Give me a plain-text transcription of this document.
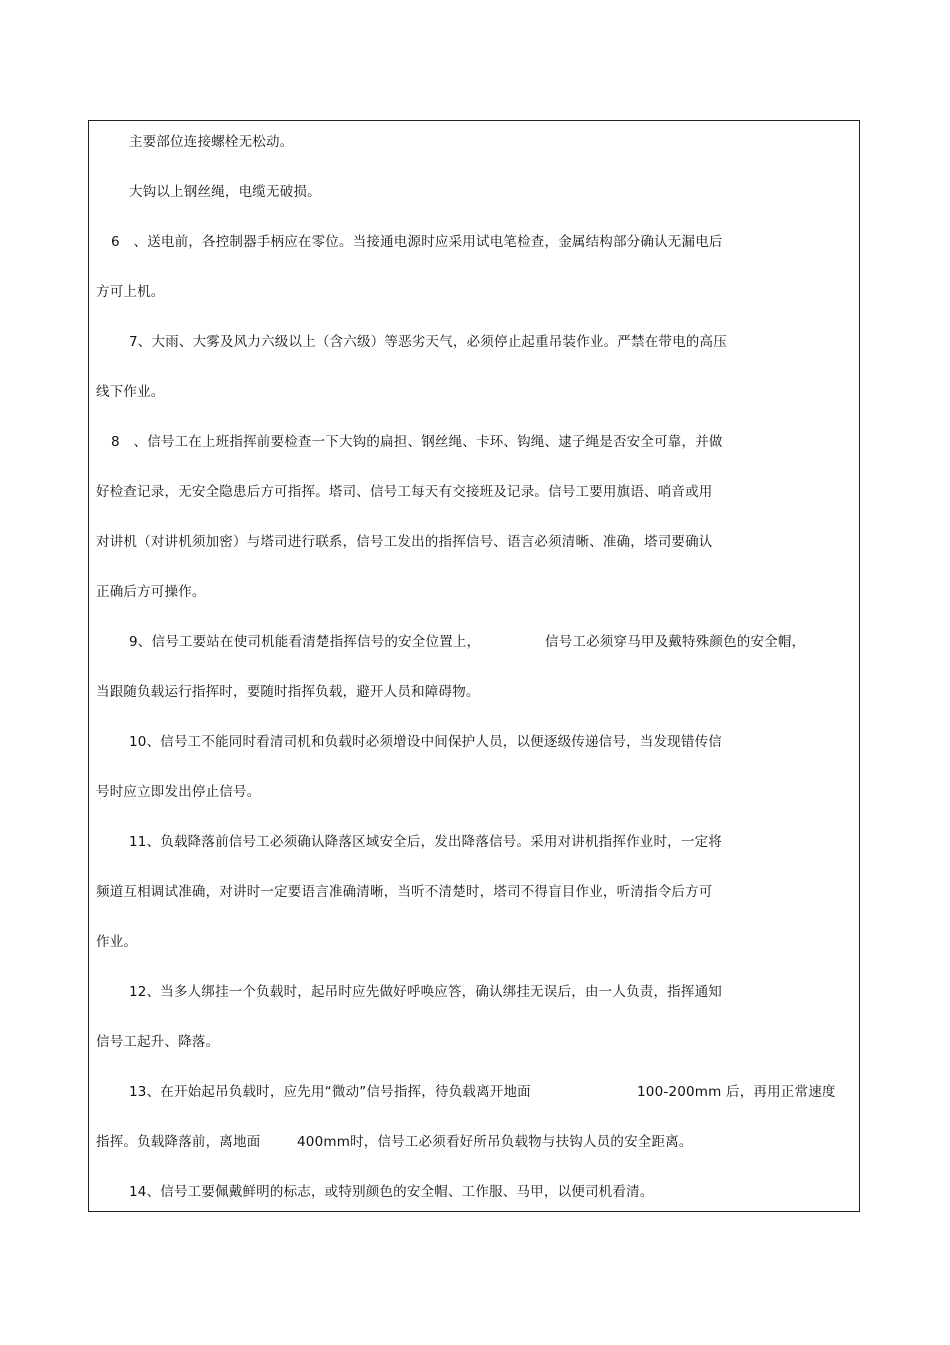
主要部位连接螺栓无松动。
大钩以上钢丝绳，电缆无破损。
6　、送电前，各控制器手柄应在零位。当接通电源时应采用试电笔检查，金属结构部分确认无漏电后
方可上机。
7、大雨、大雾及风力六级以上（含六级）等恶劣天气，必须停止起重吊装作业。严禁在带电的高压
线下作业。
8　、信号工在上班指挥前要检查一下大钩的扁担、钢丝绳、卡环、钩绳、逮子绳是否安全可靠，并做
好检查记录，无安全隐患后方可指挥。塔司、信号工每天有交接班及记录。信号工要用旗语、哨音或用
对讲机（对讲机须加密）与塔司进行联系，信号工发出的指挥信号、语言必须清晰、准确，塔司要确认
正确后方可操作。
9、信号工要站在使司机能看清楚指挥信号的安全位置上，	信号工必须穿马甲及戴特殊颜色的安全帽，
当跟随负载运行指挥时，要随时指挥负载，避开人员和障碍物。
10、信号工不能同时看清司机和负载时必须增设中间保护人员，以便逐级传递信号，当发现错传信
号时应立即发出停止信号。
11、负载降落前信号工必须确认降落区域安全后，发出降落信号。采用对讲机指挥作业时，一定将
频道互相调试准确，对讲时一定要语言准确清晰，当听不清楚时，塔司不得盲目作业，听清指令后方可
作业。
12、当多人绑挂一个负载时，起吊时应先做好呼唤应答，确认绑挂无误后，由一人负责，指挥通知
信号工起升、降落。
13、在开始起吊负载时，应先用“微动”信号指挥，待负载离开地面	100-200mm 后，再用正常速度
指挥。负载降落前，离地面	400mm时，信号工必须看好所吊负载物与扶钩人员的安全距离。
14、信号工要佩戴鲜明的标志，或特别颜色的安全帽、工作服、马甲，以便司机看清。
